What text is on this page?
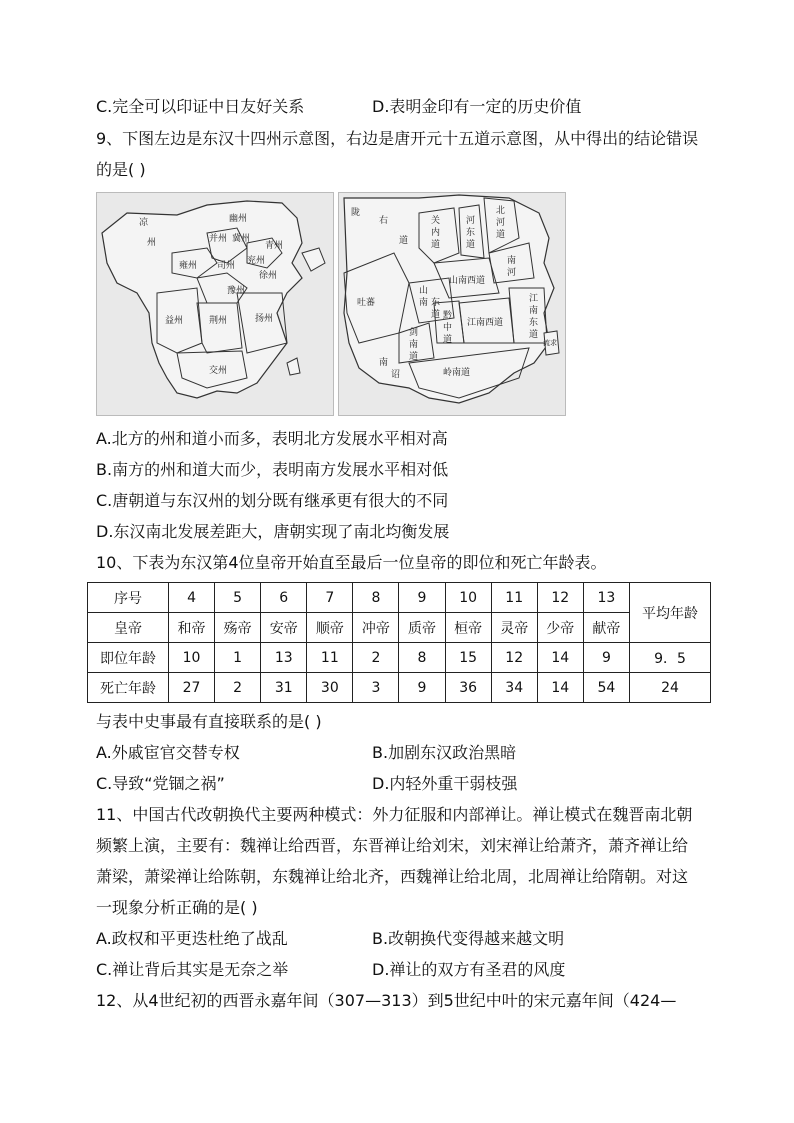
C.完全可以印证中日友好关系	D.表明金印有一定的历史价值
9、下图左边是东汉十四州示意图，右边是唐开元十五道示意图，从中得出的结论错误
的是( )
凉
州
幽州
并州 冀州
青州
雍州 司州
豫州
兖州
徐州
益州	荆州	扬州
交州
陇
右
道
关
内
道
河
东
道
北
河
道
南
河
山
南 东
道
山南西道
吐蕃
剑
南
道
黔
中
道
江南西道
江
南
东
道
南
诏	岭南道
流求
A.北方的州和道小而多，表明北方发展水平相对高
B.南方的州和道大而少，表明南方发展水平相对低
C.唐朝道与东汉州的划分既有继承更有很大的不同
D.东汉南北发展差距大，唐朝实现了南北均衡发展
10、下表为东汉第4位皇帝开始直至最后一位皇帝的即位和死亡年龄表。
序号	4	5	6	7	8	9	10	11	12	13	平均年龄
皇帝	和帝	殇帝	安帝	顺帝	冲帝	质帝	桓帝	灵帝	少帝	献帝	
即位年龄	10	1	13	11	2	8	15	12	14	9	9．5
死亡年龄	27	2	31	30	3	9	36	34	14	54	24
与表中史事最有直接联系的是( )
A.外戚宦官交替专权	B.加剧东汉政治黑暗
C.导致“党锢之祸”	D.内轻外重干弱枝强
11、中国古代改朝换代主要两种模式：外力征服和内部禅让。禅让模式在魏晋南北朝
频繁上演，主要有：魏禅让给西晋，东晋禅让给刘宋，刘宋禅让给萧齐，萧齐禅让给
萧梁，萧梁禅让给陈朝，东魏禅让给北齐，西魏禅让给北周，北周禅让给隋朝。对这
一现象分析正确的是( )
A.政权和平更迭杜绝了战乱	B.改朝换代变得越来越文明
C.禅让背后其实是无奈之举	D.禅让的双方有圣君的风度
12、从4世纪初的西晋永嘉年间（307—313）到5世纪中叶的宋元嘉年间（424—
